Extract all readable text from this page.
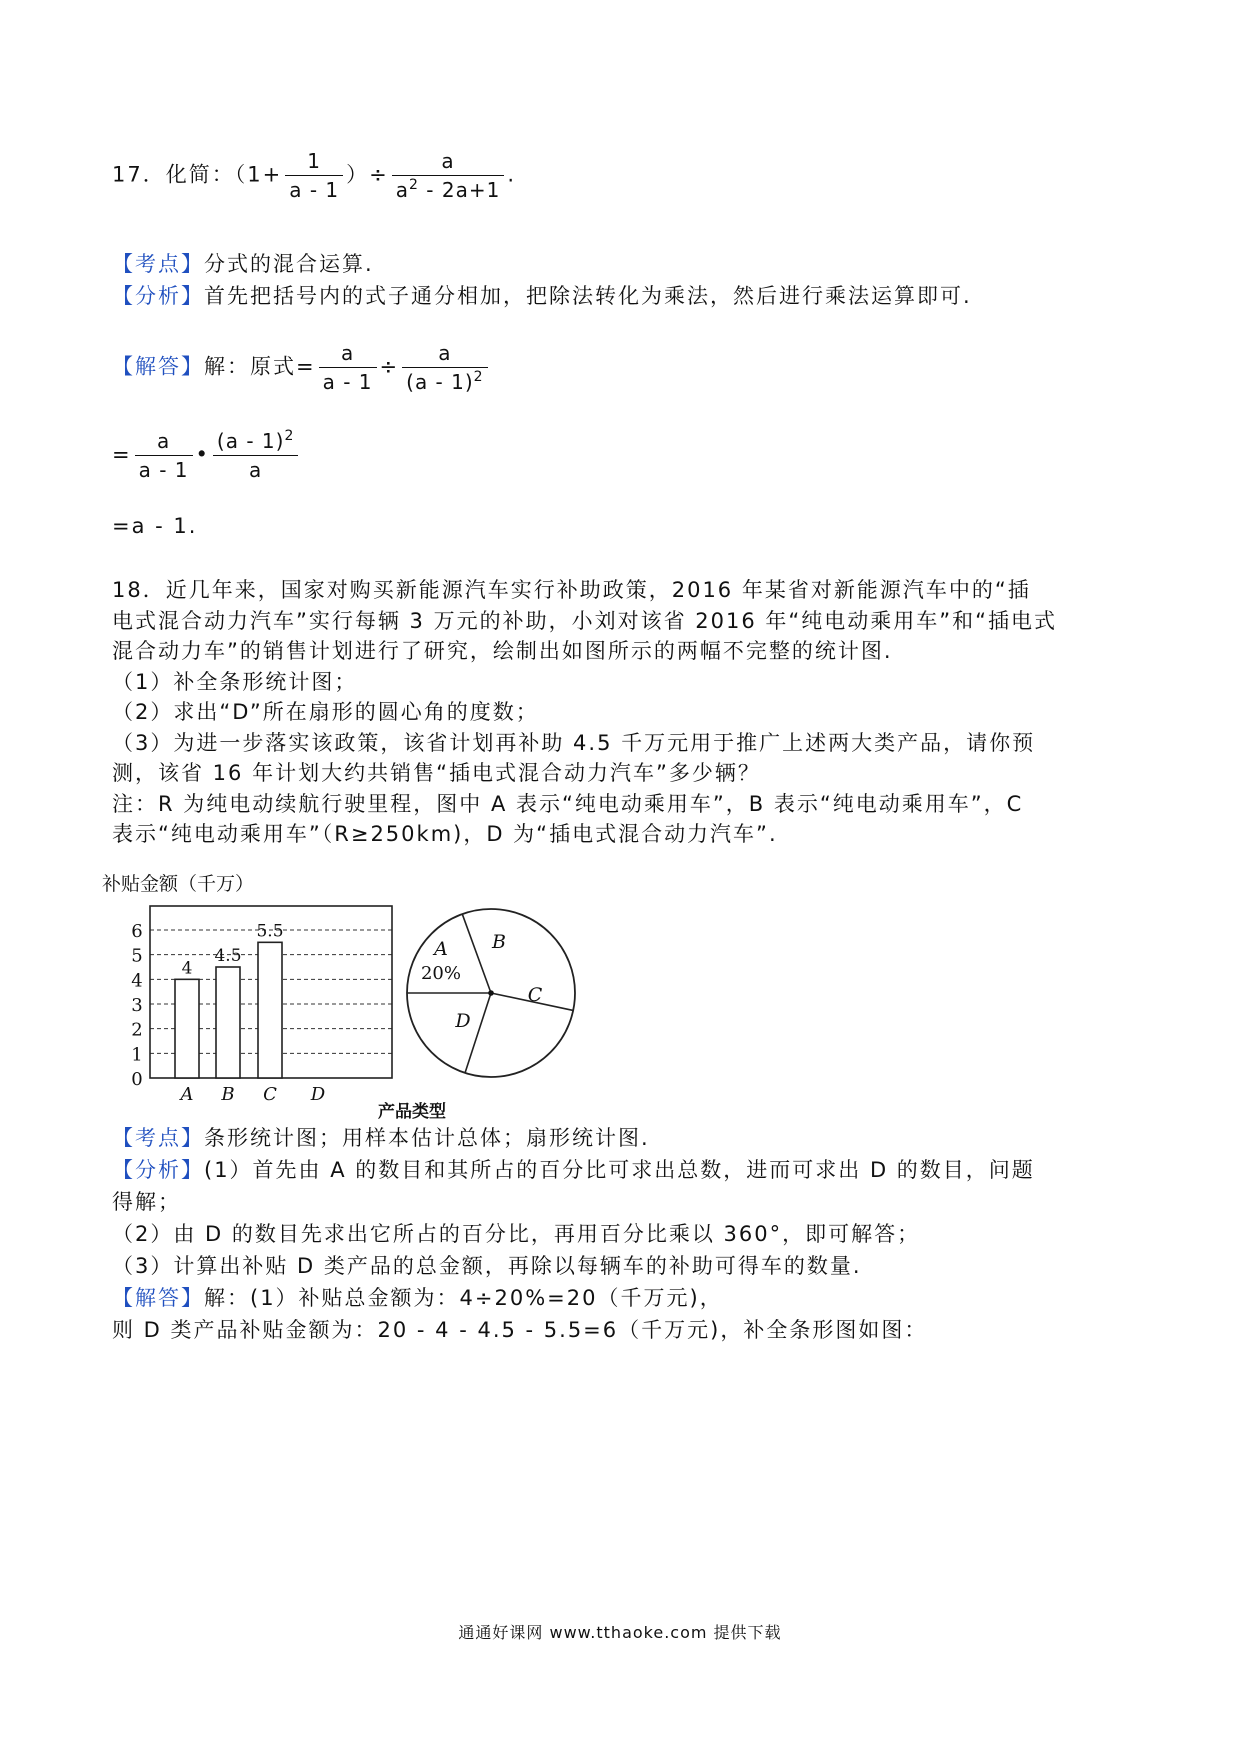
17．化简：（$1+ \frac{1}{a - 1}$ ）÷ $\frac{a}{a^2 - 2a+1}$ .
【考点】分式的混合运算.
【分析】首先把括号内的式子通分相加，把除法转化为乘法，然后进行乘法运算即可.
【解答】解：原式= $\frac{a}{a - 1} \div \frac{a}{(a - 1)^2}$
= $\frac{a}{a - 1}$ • $\frac{(a - 1)^2}{a}$
=a - 1.
18．近几年来，国家对购买新能源汽车实行补助政策，2016 年某省对新能源汽车中的“插
电式混合动力汽车”实行每辆 3 万元的补助，小刘对该省 2016 年“纯电动乘用车”和“插电式
混合动力车”的销售计划进行了研究，绘制出如图所示的两幅不完整的统计图.
（1）补全条形统计图；
（2）求出“D”所在扇形的圆心角的度数；
（3）为进一步落实该政策，该省计划再补助 4.5 千万元用于推广上述两大类产品，请你预
测，该省 16 年计划大约共销售“插电式混合动力汽车”多少辆？
注：R 为纯电动续航行驶里程，图中 A 表示“纯电动乘用车”，B 表示“纯电动乘用车”，C
表示“纯电动乘用车”（R≥250km)，D 为“插电式混合动力汽车”.
补贴金额（千万）
0
1
2
3
4
5
6
4
A
4.5
B
5.5
C D
产品类型
A
20%
B
C
D
【考点】条形统计图；用样本估计总体；扇形统计图.
【分析】(1）首先由 A 的数目和其所占的百分比可求出总数，进而可求出 D 的数目，问题
得解；
（2）由 D 的数目先求出它所占的百分比，再用百分比乘以 360°，即可解答；
（3）计算出补贴 D 类产品的总金额，再除以每辆车的补助可得车的数量.
【解答】解：(1）补贴总金额为：4÷20%=20（千万元)，
则 D 类产品补贴金额为：20 - 4 - 4.5 - 5.5=6（千万元)，补全条形图如图：
通通好课网 www.tthaoke.com 提供下载
